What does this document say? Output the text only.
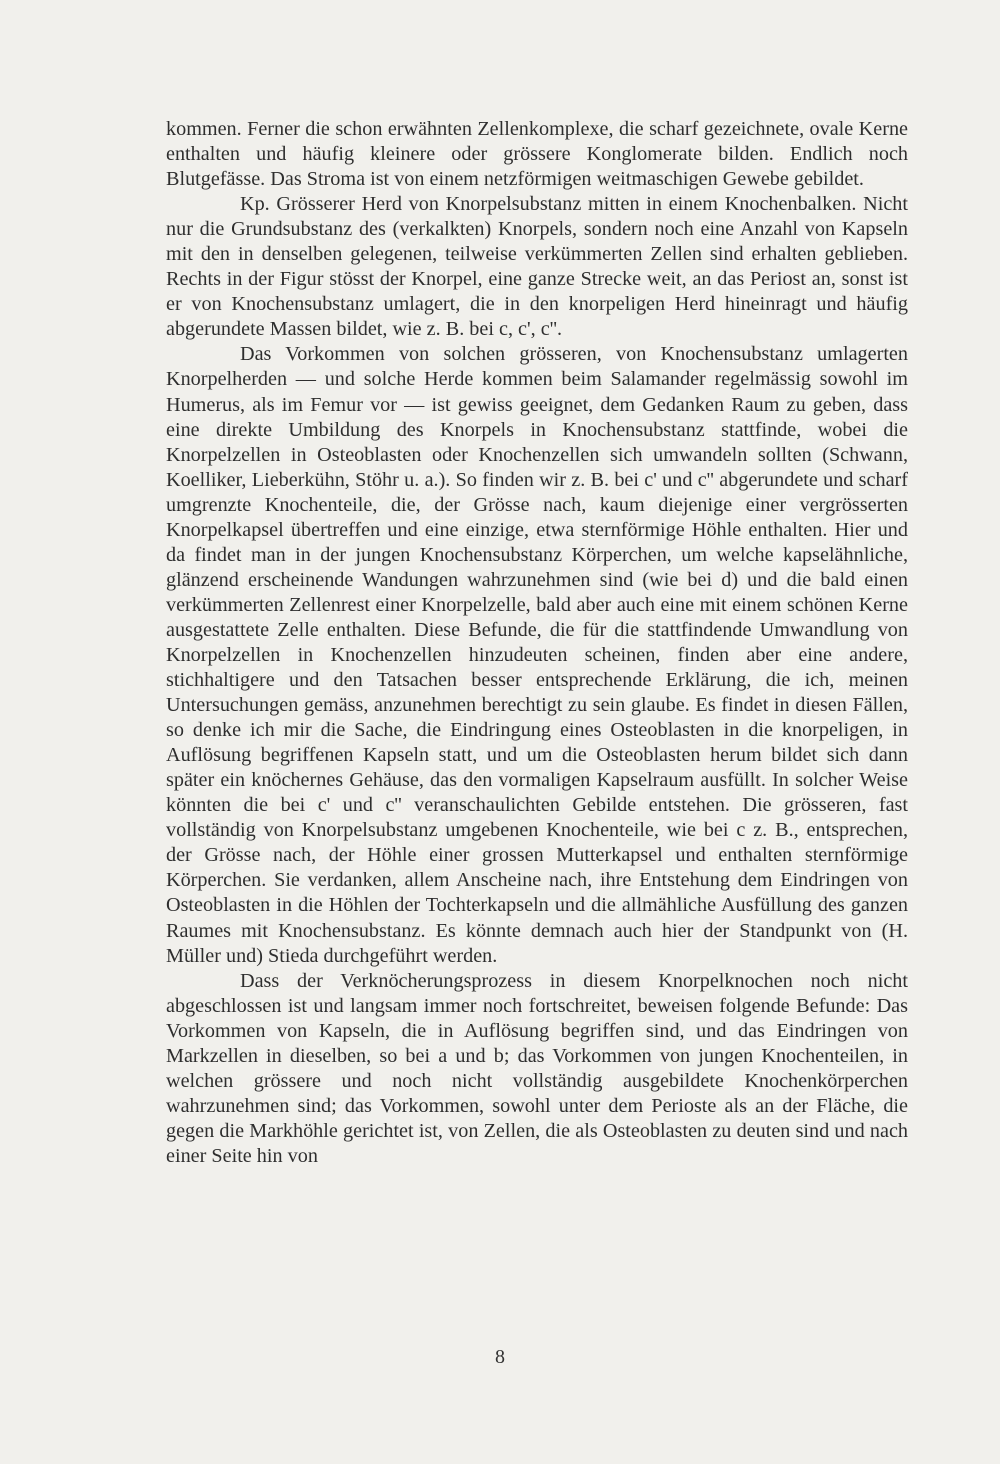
kommen. Ferner die schon erwähnten Zellenkomplexe, die scharf gezeichnete, ovale Kerne enthalten und häufig kleinere oder grössere Konglomerate bilden. Endlich noch Blutgefässe. Das Stroma ist von einem netzförmigen weitmaschigen Gewebe gebildet.

Kp. Grösserer Herd von Knorpelsubstanz mitten in einem Knochenbalken. Nicht nur die Grundsubstanz des (verkalkten) Knorpels, sondern noch eine Anzahl von Kapseln mit den in denselben gelegenen, teilweise verkümmerten Zellen sind erhalten geblieben. Rechts in der Figur stösst der Knorpel, eine ganze Strecke weit, an das Periost an, sonst ist er von Knochensubstanz umlagert, die in den knorpeligen Herd hineinragt und häufig abgerundete Massen bildet, wie z. B. bei c, c', c''.

Das Vorkommen von solchen grösseren, von Knochensubstanz umlagerten Knorpelherden — und solche Herde kommen beim Salamander regelmässig sowohl im Humerus, als im Femur vor — ist gewiss geeignet, dem Gedanken Raum zu geben, dass eine direkte Umbildung des Knorpels in Knochensubstanz stattfinde, wobei die Knorpelzellen in Osteoblasten oder Knochenzellen sich umwandeln sollten (Schwann, Koelliker, Lieberkühn, Stöhr u. a.). So finden wir z. B. bei c' und c'' abgerundete und scharf umgrenzte Knochenteile, die, der Grösse nach, kaum diejenige einer vergrösserten Knorpelkapsel übertreffen und eine einzige, etwa sternförmige Höhle enthalten. Hier und da findet man in der jungen Knochensubstanz Körperchen, um welche kapselähnliche, glänzend erscheinende Wandungen wahrzunehmen sind (wie bei d) und die bald einen verkümmerten Zellenrest einer Knorpelzelle, bald aber auch eine mit einem schönen Kerne ausgestattete Zelle enthalten. Diese Befunde, die für die stattfindende Umwandlung von Knorpelzellen in Knochenzellen hinzudeuten scheinen, finden aber eine andere, stichhaltigere und den Tatsachen besser entsprechende Erklärung, die ich, meinen Untersuchungen gemäss, anzunehmen berechtigt zu sein glaube. Es findet in diesen Fällen, so denke ich mir die Sache, die Eindringung eines Osteoblasten in die knorpeligen, in Auflösung begriffenen Kapseln statt, und um die Osteoblasten herum bildet sich dann später ein knöchernes Gehäuse, das den vormaligen Kapselraum ausfüllt. In solcher Weise könnten die bei c' und c'' veranschaulichten Gebilde entstehen. Die grösseren, fast vollständig von Knorpelsubstanz umgebenen Knochenteile, wie bei c z. B., entsprechen, der Grösse nach, der Höhle einer grossen Mutterkapsel und enthalten sternförmige Körperchen. Sie verdanken, allem Anscheine nach, ihre Entstehung dem Eindringen von Osteoblasten in die Höhlen der Tochterkapseln und die allmähliche Ausfüllung des ganzen Raumes mit Knochensubstanz. Es könnte demnach auch hier der Standpunkt von (H. Müller und) Stieda durchgeführt werden.

Dass der Verknöcherungsprozess in diesem Knorpelknochen noch nicht abgeschlossen ist und langsam immer noch fortschreitet, beweisen folgende Befunde: Das Vorkommen von Kapseln, die in Auflösung begriffen sind, und das Eindringen von Markzellen in dieselben, so bei a und b; das Vorkommen von jungen Knochenteilen, in welchen grössere und noch nicht vollständig ausgebildete Knochenkörperchen wahrzunehmen sind; das Vorkommen, sowohl unter dem Perioste als an der Fläche, die gegen die Markhöhle gerichtet ist, von Zellen, die als Osteoblasten zu deuten sind und nach einer Seite hin von

8
